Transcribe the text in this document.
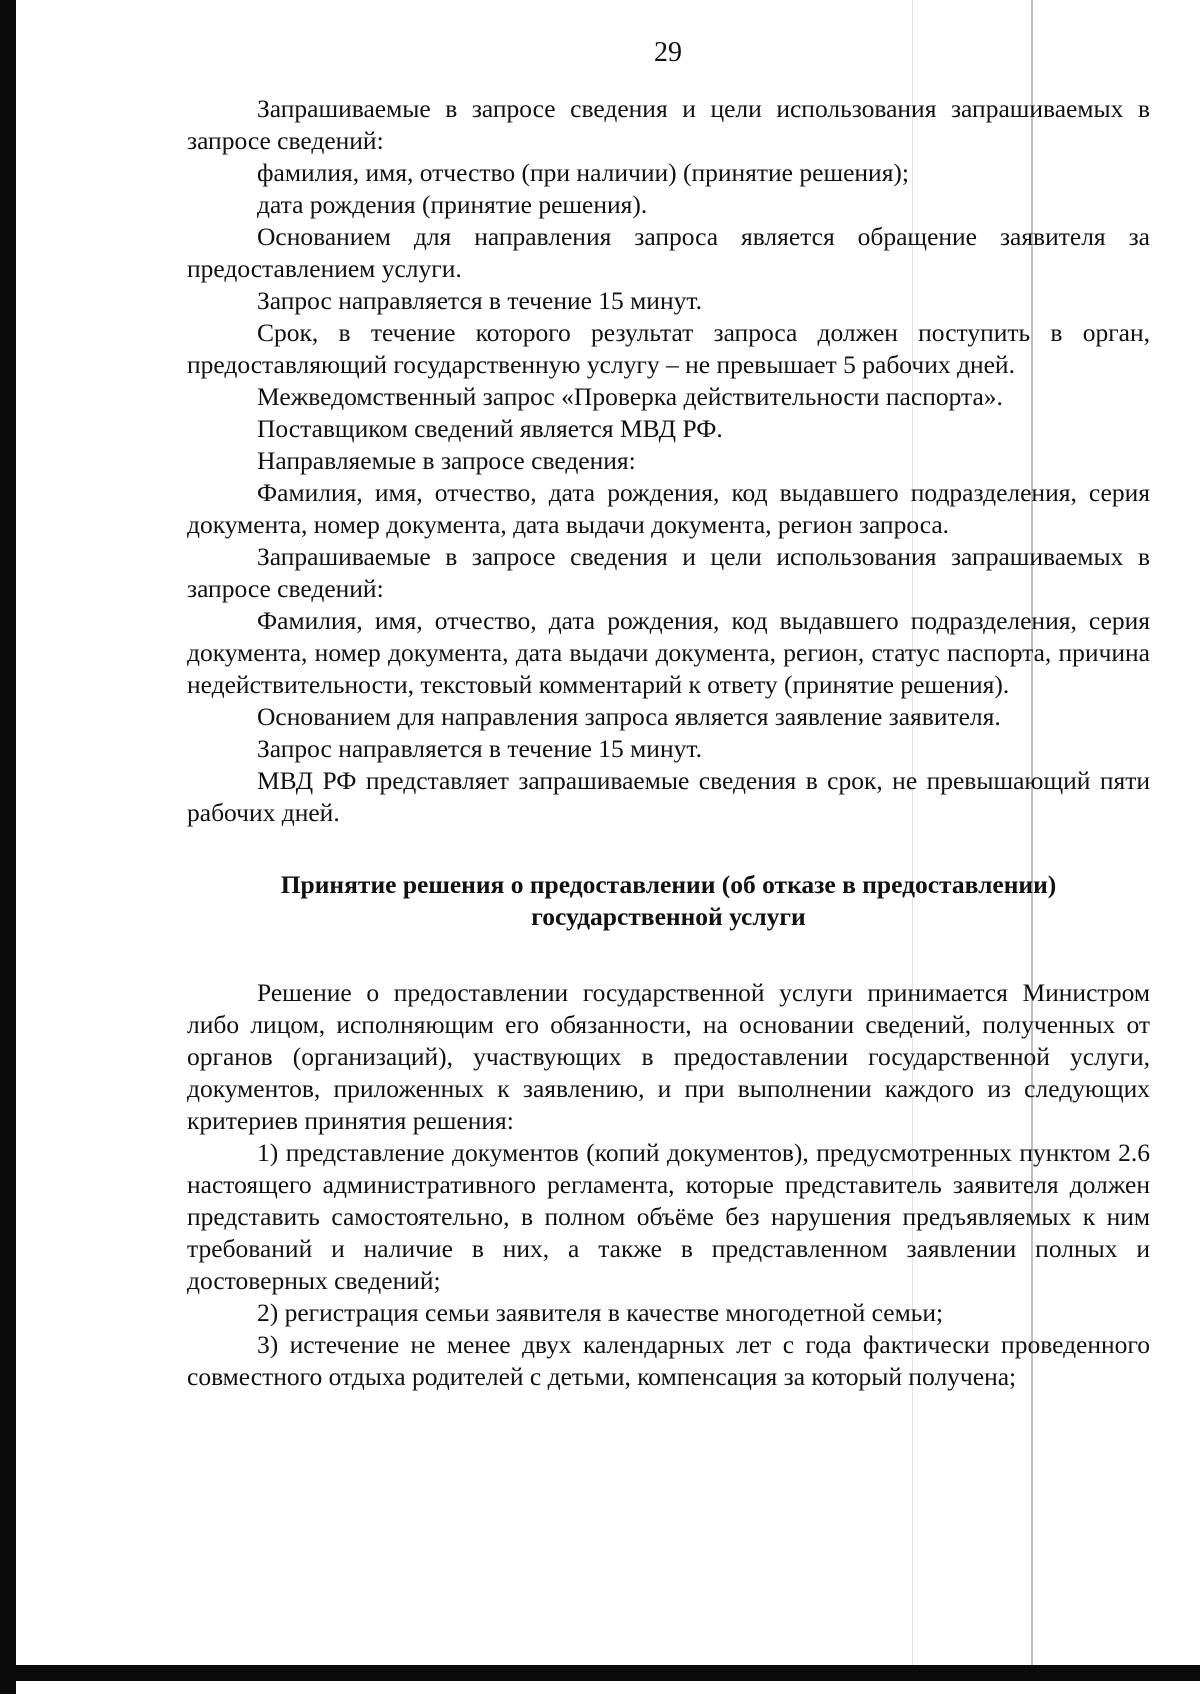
29

Запрашиваемые в запросе сведения и цели использования запрашиваемых в запросе сведений:

фамилия, имя, отчество (при наличии) (принятие решения);

дата рождения (принятие решения).

Основанием для направления запроса является обращение заявителя за предоставлением услуги.

Запрос направляется в течение 15 минут.

Срок, в течение которого результат запроса должен поступить в орган, предоставляющий государственную услугу – не превышает 5 рабочих дней.

Межведомственный запрос «Проверка действительности паспорта».

Поставщиком сведений является МВД РФ.

Направляемые в запросе сведения:

Фамилия, имя, отчество, дата рождения, код выдавшего подразделения, серия документа, номер документа, дата выдачи документа, регион запроса.

Запрашиваемые в запросе сведения и цели использования запрашиваемых в запросе сведений:

Фамилия, имя, отчество, дата рождения, код выдавшего подразделения, серия документа, номер документа, дата выдачи документа, регион, статус паспорта, причина недействительности, текстовый комментарий к ответу (принятие решения).

Основанием для направления запроса является заявление заявителя.

Запрос направляется в течение 15 минут.

МВД РФ представляет запрашиваемые сведения в срок, не превышающий пяти рабочих дней.

Принятие решения о предоставлении (об отказе в предоставлении)
государственной услуги

Решение о предоставлении государственной услуги принимается Министром либо лицом, исполняющим его обязанности, на основании сведений, полученных от органов (организаций), участвующих в предоставлении государственной услуги, документов, приложенных к заявлению, и при выполнении каждого из следующих критериев принятия решения:

1) представление документов (копий документов), предусмотренных пунктом 2.6 настоящего административного регламента, которые представитель заявителя должен представить самостоятельно, в полном объёме без нарушения предъявляемых к ним требований и наличие в них, а также в представленном заявлении полных и достоверных сведений;

2) регистрация семьи заявителя в качестве многодетной семьи;

3) истечение не менее двух календарных лет с года фактически проведенного совместного отдыха родителей с детьми, компенсация за который получена;
